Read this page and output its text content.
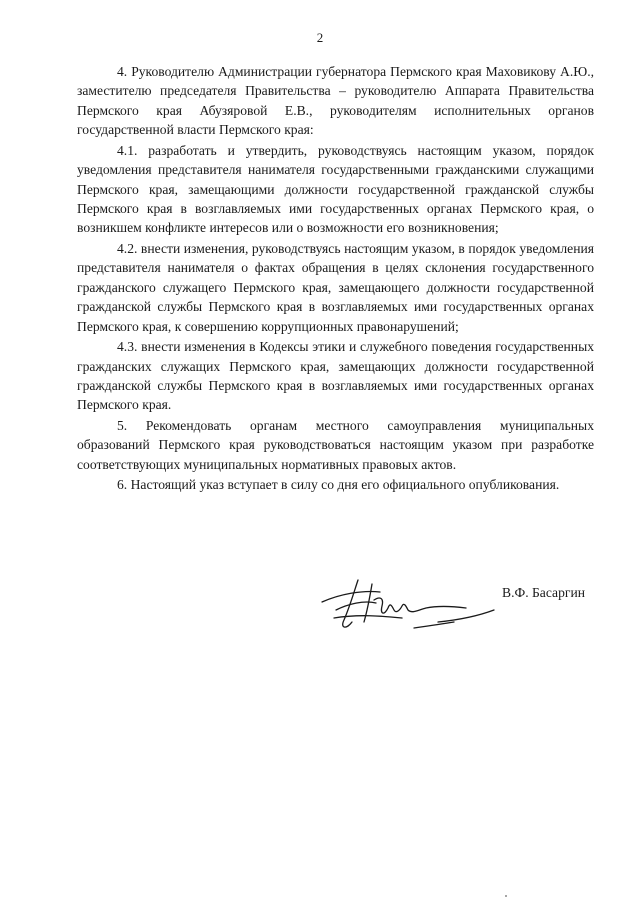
2

4. Руководителю Администрации губернатора Пермского края Маховикову А.Ю., заместителю председателя Правительства – руководителю Аппарата Правительства Пермского края Абузяровой Е.В., руководителям исполнительных органов государственной власти Пермского края:

4.1. разработать и утвердить, руководствуясь настоящим указом, порядок уведомления представителя нанимателя государственными гражданскими служащими Пермского края, замещающими должности государственной гражданской службы Пермского края в возглавляемых ими государственных органах Пермского края, о возникшем конфликте интересов или о возможности его возникновения;

4.2. внести изменения, руководствуясь настоящим указом, в порядок уведомления представителя нанимателя о фактах обращения в целях склонения государственного гражданского служащего Пермского края, замещающего должности государственной гражданской службы Пермского края в возглавляемых ими государственных органах Пермского края, к совершению коррупционных правонарушений;

4.3. внести изменения в Кодексы этики и служебного поведения государственных гражданских служащих Пермского края, замещающих должности государственной гражданской службы Пермского края в возглавляемых ими государственных органах Пермского края.

5. Рекомендовать органам местного самоуправления муниципальных образований Пермского края руководствоваться настоящим указом при разработке соответствующих муниципальных нормативных правовых актов.

6. Настоящий указ вступает в силу со дня его официального опубликования.

В.Ф. Басаргин
